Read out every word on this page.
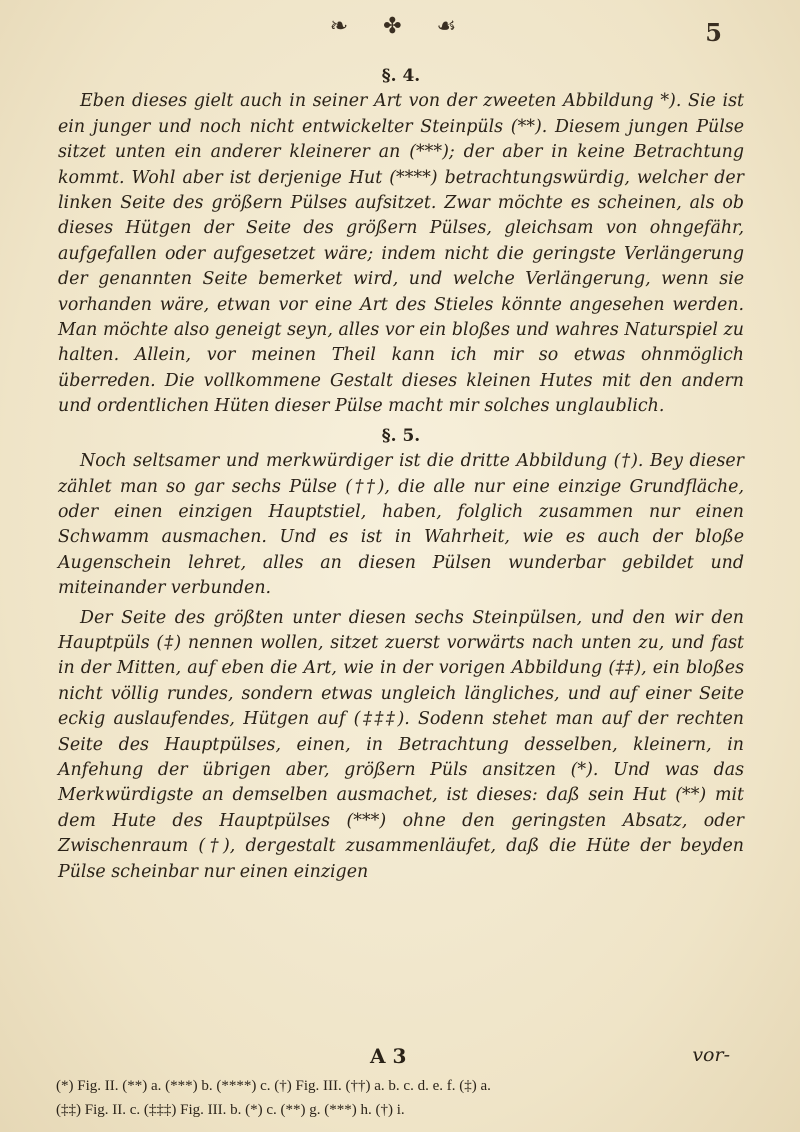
❧ ✤ ☙	5

§. 4.

Eben dieses gielt auch in seiner Art von der zweeten Abbildung *). Sie ist ein junger und noch nicht entwickelter Steinpüls (**). Diesem jungen Pülse sitzet unten ein anderer kleinerer an (***); der aber in keine Betrachtung kommt. Wohl aber ist derjenige Hut (****) betrachtungswürdig, welcher der linken Seite des größern Pülses aufsitzet. Zwar möchte es scheinen, als ob dieses Hütgen der Seite des größern Pülses, gleichsam von ohngefähr, aufgefallen oder aufgesetzet wäre; indem nicht die geringste Verlängerung der genannten Seite bemerket wird, und welche Verlängerung, wenn sie vorhanden wäre, etwan vor eine Art des Stieles könnte angesehen werden. Man möchte also geneigt seyn, alles vor ein bloßes und wahres Naturspiel zu halten. Allein, vor meinen Theil kann ich mir so etwas ohnmöglich überreden. Die vollkommene Gestalt dieses kleinen Hutes mit den andern und ordentlichen Hüten dieser Pülse macht mir solches unglaublich.

§. 5.

Noch seltsamer und merkwürdiger ist die dritte Abbildung (†). Bey dieser zählet man so gar sechs Pülse (††), die alle nur eine einzige Grundfläche, oder einen einzigen Hauptstiel, haben, folglich zusammen nur einen Schwamm ausmachen. Und es ist in Wahrheit, wie es auch der bloße Augenschein lehret, alles an diesen Pülsen wunderbar gebildet und miteinander verbunden.

Der Seite des größten unter diesen sechs Steinpülsen, und den wir den Hauptpüls (‡) nennen wollen, sitzet zuerst vorwärts nach unten zu, und fast in der Mitten, auf eben die Art, wie in der vorigen Abbildung (‡‡), ein bloßes nicht völlig rundes, sondern etwas ungleich längliches, und auf einer Seite eckig auslaufendes, Hütgen auf (‡‡‡). Sodenn stehet man auf der rechten Seite des Hauptpülses, einen, in Betrachtung desselben, kleinern, in Anfehung der übrigen aber, größern Püls ansitzen (*). Und was das Merkwürdigste an demselben ausmachet, ist dieses: daß sein Hut (**) mit dem Hute des Hauptpülses (***) ohne den geringsten Absatz, oder Zwischenraum (†), dergestalt zusammenläufet, daß die Hüte der beyden Pülse scheinbar nur einen einzigen

A 3	vor-
(*) Fig. II. (**) a. (***) b. (****) c. (†) Fig. III. (††) a. b. c. d. e. f. (‡) a.
(‡‡) Fig. II. c. (‡‡‡) Fig. III. b. (*) c. (**) g. (***) h. (†) i.
